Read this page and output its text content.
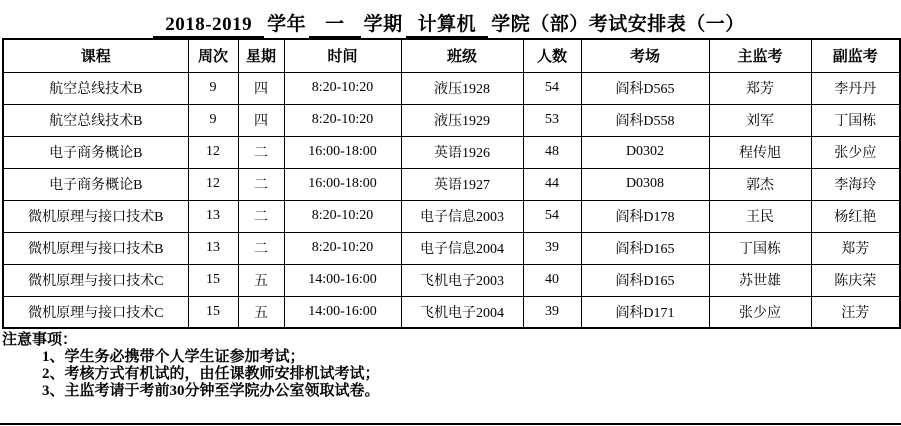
2018-2019 学年 一 学期 计算机 学院（部）考试安排表（一）
课程	周次	星期	时间	班级	人数	考场	主监考	副监考
航空总线技术B	9	四	8:20-10:20	液压1928	54	阎科D565	郑芳	李丹丹
航空总线技术B	9	四	8:20-10:20	液压1929	53	阎科D558	刘军	丁国栋
电子商务概论B	12	二	16:00-18:00	英语1926	48	D0302	程传旭	张少应
电子商务概论B	12	二	16:00-18:00	英语1927	44	D0308	郭杰	李海玲
微机原理与接口技术B	13	二	8:20-10:20	电子信息2003	54	阎科D178	王民	杨红艳
微机原理与接口技术B	13	二	8:20-10:20	电子信息2004	39	阎科D165	丁国栋	郑芳
微机原理与接口技术C	15	五	14:00-16:00	飞机电子2003	40	阎科D165	苏世雄	陈庆荣
微机原理与接口技术C	15	五	14:00-16:00	飞机电子2004	39	阎科D171	张少应	汪芳
注意事项：
1、学生务必携带个人学生证参加考试；
2、考核方式有机试的，由任课教师安排机试考试；
3、主监考请于考前30分钟至学院办公室领取试卷。
